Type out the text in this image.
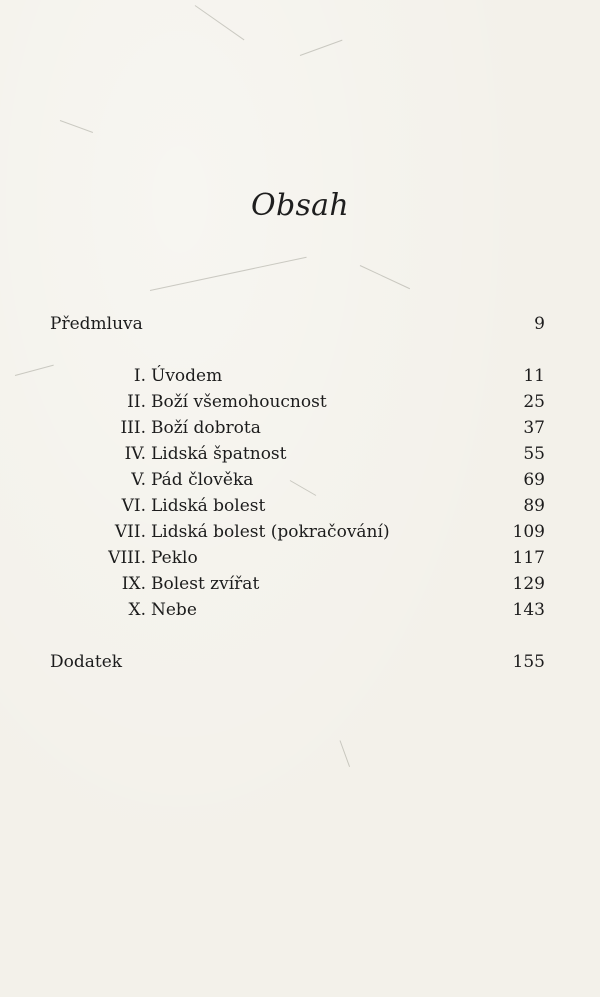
Obsah
Předmluva	9
I. Úvodem	11
II. Boží všemohoucnost	25
III. Boží dobrota	37
IV. Lidská špatnost	55
V. Pád člověka	69
VI. Lidská bolest	89
VII. Lidská bolest (pokračování)	109
VIII. Peklo	117
IX. Bolest zvířat	129
X. Nebe	143
Dodatek	155
